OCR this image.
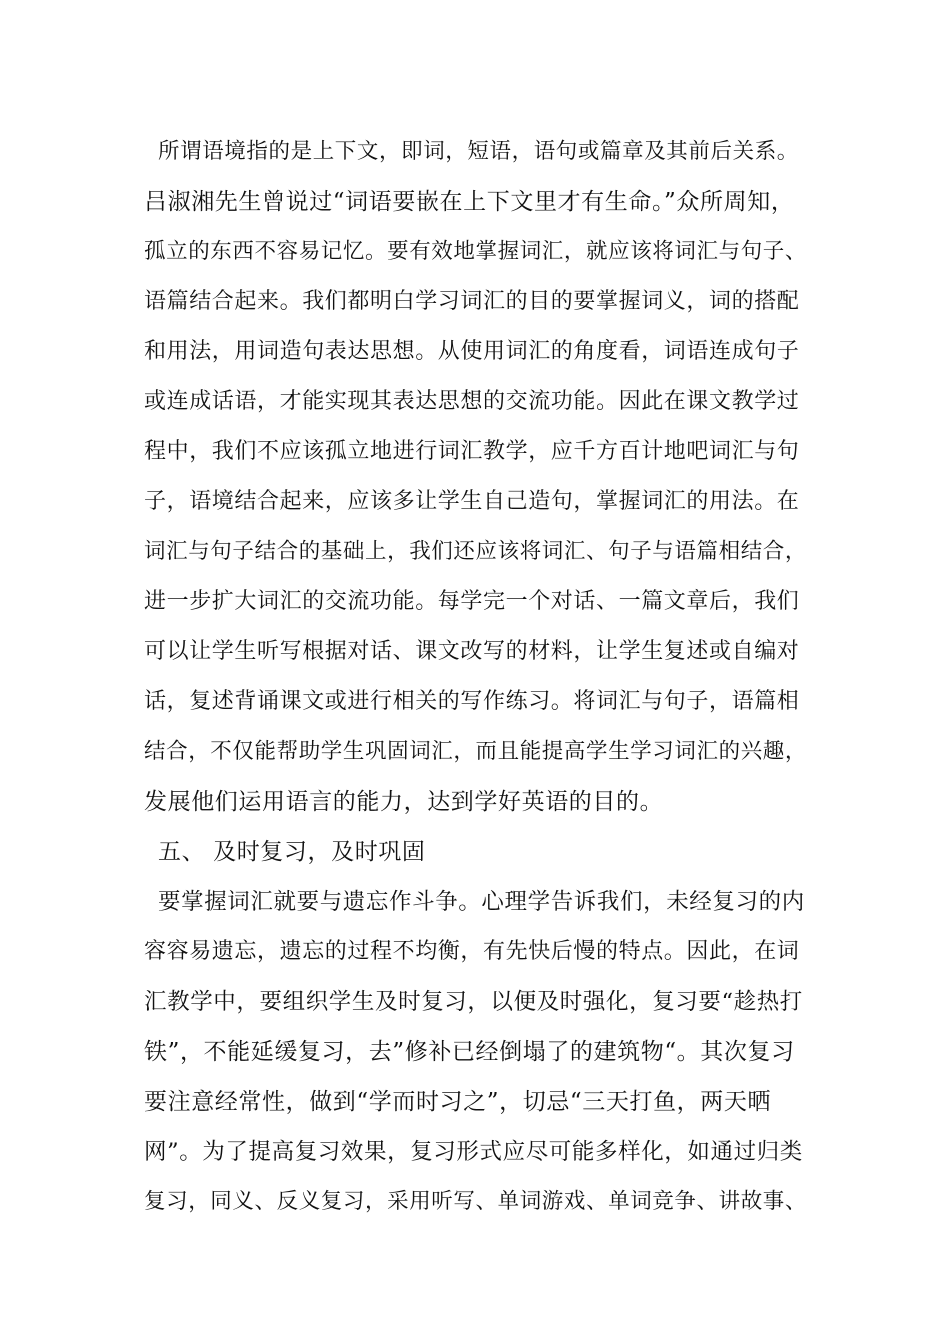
所谓语境指的是上下文，即词，短语，语句或篇章及其前后关系。
吕淑湘先生曾说过“词语要嵌在上下文里才有生命。”众所周知，
孤立的东西不容易记忆。要有效地掌握词汇，就应该将词汇与句子、
语篇结合起来。我们都明白学习词汇的目的要掌握词义，词的搭配
和用法，用词造句表达思想。从使用词汇的角度看，词语连成句子
或连成话语，才能实现其表达思想的交流功能。因此在课文教学过
程中，我们不应该孤立地进行词汇教学，应千方百计地吧词汇与句
子，语境结合起来，应该多让学生自己造句，掌握词汇的用法。在
词汇与句子结合的基础上，我们还应该将词汇、句子与语篇相结合，
进一步扩大词汇的交流功能。每学完一个对话、一篇文章后，我们
可以让学生听写根据对话、课文改写的材料，让学生复述或自编对
话，复述背诵课文或进行相关的写作练习。将词汇与句子，语篇相
结合，不仅能帮助学生巩固词汇，而且能提高学生学习词汇的兴趣，
发展他们运用语言的能力，达到学好英语的目的。
五、 及时复习，及时巩固
要掌握词汇就要与遗忘作斗争。心理学告诉我们，未经复习的内
容容易遗忘，遗忘的过程不均衡，有先快后慢的特点。因此，在词
汇教学中，要组织学生及时复习，以便及时强化，复习要“趁热打
铁”，不能延缓复习，去”修补已经倒塌了的建筑物“。其次复习
要注意经常性，做到“学而时习之”，切忌“三天打鱼，两天晒
网”。为了提高复习效果，复习形式应尽可能多样化，如通过归类
复习，同义、反义复习，采用听写、单词游戏、单词竞争、讲故事、
